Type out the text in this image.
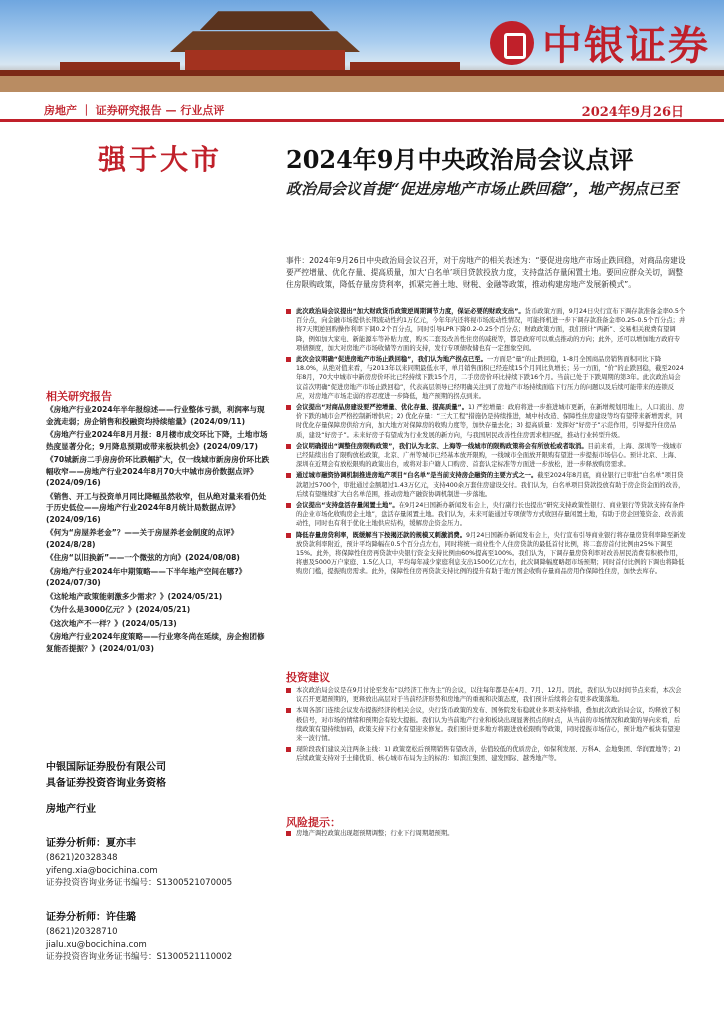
中银证券
房地产 ｜ 证券研究报告 — 行业点评	2024年9月26日
强于大市
相关研究报告
《房地产行业2024年半年报综述——行业整体亏损，利润率与现金流走弱；房企销售和投融资均持续缩量》(2024/09/11)
《房地产行业2024年8月月报：8月楼市成交环比下降，土地市场热度显著分化；9月降息预期或带来板块机会》(2024/09/17)
《70城新房二手房房价环比跌幅扩大，仅一线城市新房房价环比跌幅收窄——房地产行业2024年8月70大中城市房价数据点评》(2024/09/16)
《销售、开工与投资单月同比降幅虽然收窄，但从绝对量来看仍处于历史低位——房地产行业2024年8月统计局数据点评》(2024/09/16)
《何为“房屋养老金”？——关于房屋养老金制度的点评》(2024/8/28)
《住房“以旧换新”——一个微弦的方向》(2024/08/08)
《房地产行业2024年中期策略——下半年地产空间在哪?》(2024/07/30)
《这轮地产政策能刺激多少需求？》(2024/05/21)
《为什么是3000亿元？》(2024/05/21)
《这次地产不一样？》(2024/05/13)
《房地产行业2024年度策略——行业寒冬尚在延续，房企抱团修复能否提振？》(2024/01/03)
中银国际证券股份有限公司
具备证券投资咨询业务资格
房地产行业
证券分析师：夏亦丰
(8621)20328348
yifeng.xia@bocichina.com
证券投资咨询业务证书编号：S1300521070005
证券分析师：许佳璐
(8621)20328710
jialu.xu@bocichina.com
证券投资咨询业务证书编号：S1300521110002
2024年9月中央政治局会议点评
政治局会议首提“促进房地产市场止跌回稳”，地产拐点已至
事件：2024年9月26日中央政治局会议召开，对于房地产的相关表述为：“要促进房地产市场止跌回稳，对商品房建设要严控增量、优化存量、提高质量，加大‘白名单’项目贷款投放力度，支持盘活存量闲置土地。要回应群众关切，调整住房限购政策，降低存量房贷利率，抓紧完善土地、财税、金融等政策，推动构建房地产发展新模式”。
此次政治局会议提出“加大财政货币政策逆周期调节力度，保证必要的财政支出”。货币政策方面，9月24日央行宣布下调存款准备金率0.5个百分点，向金融市场提供长期流动性约1万亿元，今年年内还将视市场流动性情况，可能择机进一步下调存款准备金率0.25-0.5个百分点；并将7天期逆回购操作利率下调0.2个百分点，同时引导LPR下降0.2-0.25个百分点；财政政策方面，我们预计“两新”、交易相关税费有望调降，例如加大家电、新能源车等补贴力度，购买二套及改善性住房的减税等，都是政府可以重点推动的方向；此外，还可以增加地方政府专项债额度，加大对房地产市场收储等方面的支持，发行专项债收储也有一定想象空间。
此次会议明确“促进房地产市场止跌回稳”，我们认为地产拐点已至。一方面是“量”的止跌回稳，1-8月全国商品房销售面积同比下降18.0%，从绝对值来看，与2013年以来同期最低水平，单月销售面积已经连续15个月同比负增长；另一方面，“价”的止跌回稳，截至2024年8月，70大中城市中新房房价环比已经持续下跌15个月，二手房房价环比持续下跌16个月。当前已处于下跌周期的第3年。此次政治局会议首次明确“促进房地产市场止跌回稳”，代表高层领导已经明确关注到了房地产市场持续面临下行压力的问题以及后续可能带来的连锁反应，对房地产市场走弱的容忍度进一步降低，地产预期的拐点到来。
会议提出“对商品房建设要严控增量、优化存量、提高质量”。1) 严控增量：政府将进一步推进城市更新，在新增规划用地上，人口流出、房价下跌的城市会严格控制新增供应；2) 优化存量：“三大工程”措施仍是持续推进，城中村改造、保障性住房建设等均有望带来新增需求，同时优化存量保障房供给方向，加大地方对保障房的收购力度等，加快存量去化；3) 提高质量：发挥好“好房子”示范作用，引导提升住房品质，建设“好房子”。未来好房子有望成为行业发展的新方向，与我国居民改善性住房需求相匹配，推动行业转型升级。
会议明确提出“调整住房限购政策”，我们认为北京、上海等一线城市的限购政策将会有所放松或者取消。目前来看，上海、深圳等一线城市已经陆续出台了限购放松政策，北京、广州等城市已经基本放开限购，一线城市全面放开限购有望进一步提振市场信心。预计北京、上海、深圳在近期会有放松限购的政策出台，或将对非户籍人口购房、首套认定标准等方面进一步放松，进一步释放购房需求。
通过城市融资协调机制推进房地产项目“白名单”是当前支持房企融资的主要方式之一。截至2024年8月底，商业银行已审批“白名单”项目贷款超过5700个，审批通过金额超过1.43万亿元，支持400余万套住房建设交付。我们认为，白名单项目贷款投放有助于房企资金面的改善，后续有望继续扩大白名单范围，推动房地产融资协调机制进一步落地。
会议提出“支持盘活存量闲置土地”。在9月24日国新办新闻发布会上，央行副行长也提出“研究支持政策性银行、商业银行等贷款支持有条件的企业市场化收购房企土地”，盘活存量闲置土地。我们认为，未来可能通过专项债等方式收回存量闲置土地，有助于房企回笼资金、改善流动性，同时也有利于优化土地供应结构，缓解房企资金压力。
降低存量房贷利率，既缓解当下按揭还款的规模又刺激消费。9月24日国新办新闻发布会上，央行宣布引导商业银行将存量房贷利率降至新发放贷款利率附近，预计平均降幅在0.5个百分点左右，同时将统一商业性个人住房贷款的最低首付比例，将二套房首付比例由25%下调至15%。此外，将保障性住房再贷款中央银行资金支持比例由60%提高至100%。我们认为，下调存量房贷利率对改善居民消费有积极作用，将惠及5000万户家庭、1.5亿人口，平均每年减少家庭利息支出1500亿元左右，此次调降幅度略超市场预期；同时首付比例的下调也将降低购房门槛，提振购房需求。此外，保障性住房再贷款支持比例的提升有助于地方国企收购存量商品房用作保障性住房，加快去库存。
投资建议
本次政治局会议是在9月讨论至发布“以经济工作为主”的会议，以往每年都是在4月、7月、12月。因此，我们认为以时间节点来看，本次会议召开更超预期的，更释放出高层对于当前经济形势和房地产的重视和决策态度，我们预计后续将会有更多政策落地。
本周各部门连续会议发布提振经济的相关会议，央行货币政策的发布、国务院发布稳就业多项支持举措，叠加此次政治局会议，均释放了积极信号，对市场的情绪和预期会有较大提振。我们认为当前地产行业和板块出现显著拐点的时点，从当前的市场情况和政策的导向来看，后续政策有望持续加码，政策支持下行业有望迎来修复。我们预计更多地方将跟进放松限购等政策，同时提振市场信心，预计地产板块有望迎来一波行情。
现阶段我们建议关注两条主线：1) 政策宽松后预期销售有望改善，估值较低的优质房企，如保利发展、万科A、金地集团、华润置地等；2) 后续政策支持对于土储优质、核心城市布局为主的标的：如滨江集团、建发国际、越秀地产等。
风险提示：
房地产调控政策出现超预期调整；行业下行周期超预期。
